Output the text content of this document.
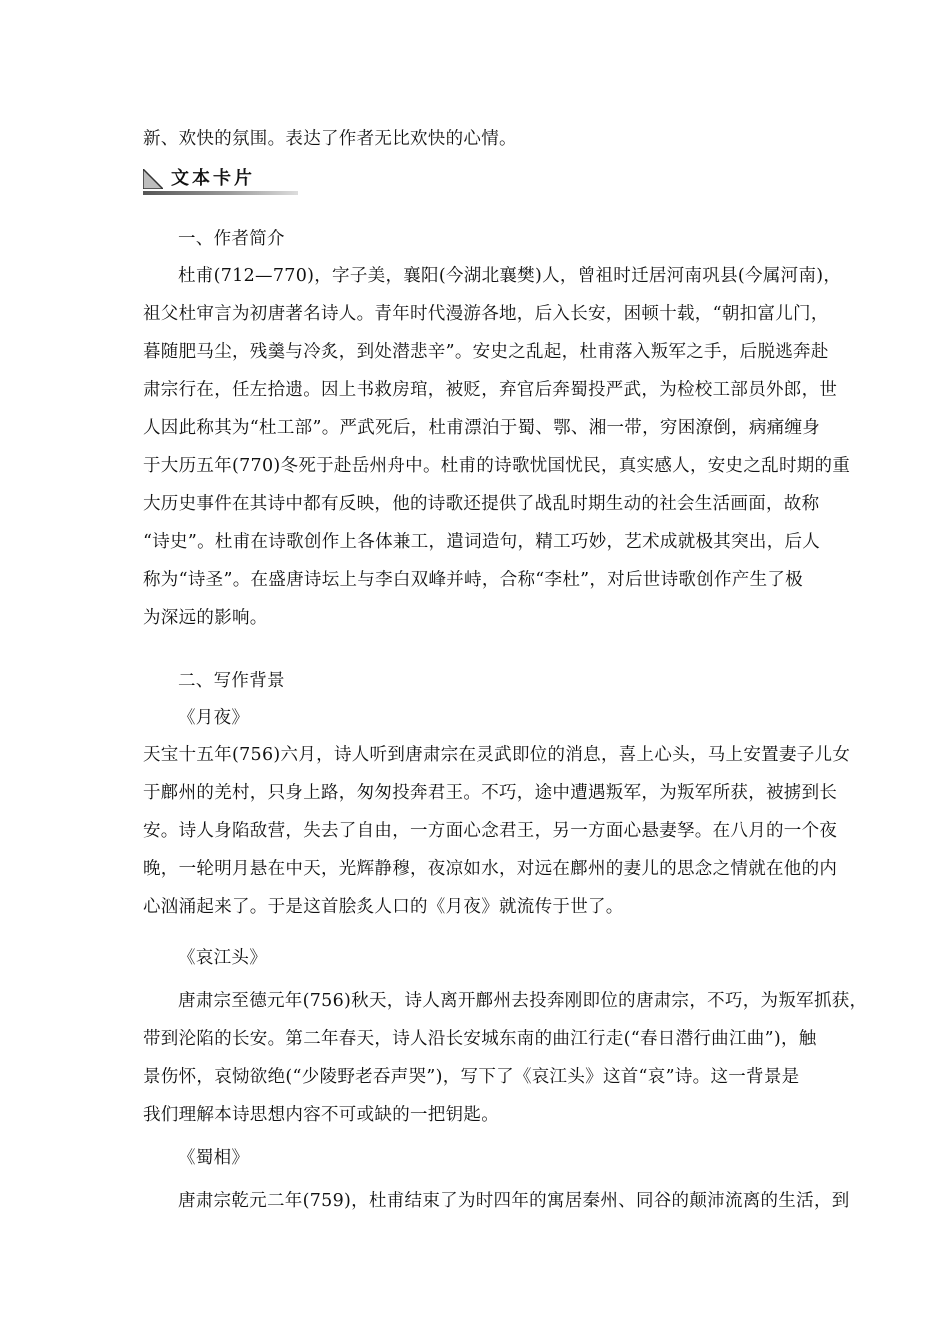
新、欢快的氛围。表达了作者无比欢快的心情。
文本卡片
一、作者简介
杜甫(712—770)，字子美，襄阳(今湖北襄樊)人，曾祖时迁居河南巩县(今属河南)，
祖父杜审言为初唐著名诗人。青年时代漫游各地，后入长安，困顿十载，“朝扣富儿门，
暮随肥马尘，残羹与冷炙，到处潜悲辛”。安史之乱起，杜甫落入叛军之手，后脱逃奔赴
肃宗行在，任左拾遗。因上书救房琯，被贬，弃官后奔蜀投严武，为检校工部员外郎，世
人因此称其为“杜工部”。严武死后，杜甫漂泊于蜀、鄂、湘一带，穷困潦倒，病痛缠身
于大历五年(770)冬死于赴岳州舟中。杜甫的诗歌忧国忧民，真实感人，安史之乱时期的重
大历史事件在其诗中都有反映，他的诗歌还提供了战乱时期生动的社会生活画面，故称
“诗史”。杜甫在诗歌创作上各体兼工，遣词造句，精工巧妙，艺术成就极其突出，后人
称为“诗圣”。在盛唐诗坛上与李白双峰并峙，合称“李杜”，对后世诗歌创作产生了极
为深远的影响。
二、写作背景
《月夜》
天宝十五年(756)六月，诗人听到唐肃宗在灵武即位的消息，喜上心头，马上安置妻子儿女
于鄜州的羌村，只身上路，匆匆投奔君王。不巧，途中遭遇叛军，为叛军所获，被掳到长
安。诗人身陷敌营，失去了自由，一方面心念君王，另一方面心悬妻孥。在八月的一个夜
晚，一轮明月悬在中天，光辉静穆，夜凉如水，对远在鄜州的妻儿的思念之情就在他的内
心汹涌起来了。于是这首脍炙人口的《月夜》就流传于世了。
《哀江头》
唐肃宗至德元年(756)秋天，诗人离开鄜州去投奔刚即位的唐肃宗，不巧，为叛军抓获，
带到沦陷的长安。第二年春天，诗人沿长安城东南的曲江行走(“春日潜行曲江曲”)，触
景伤怀，哀恸欲绝(“少陵野老吞声哭”)，写下了《哀江头》这首“哀”诗。这一背景是
我们理解本诗思想内容不可或缺的一把钥匙。
《蜀相》
唐肃宗乾元二年(759)，杜甫结束了为时四年的寓居秦州、同谷的颠沛流离的生活，到
